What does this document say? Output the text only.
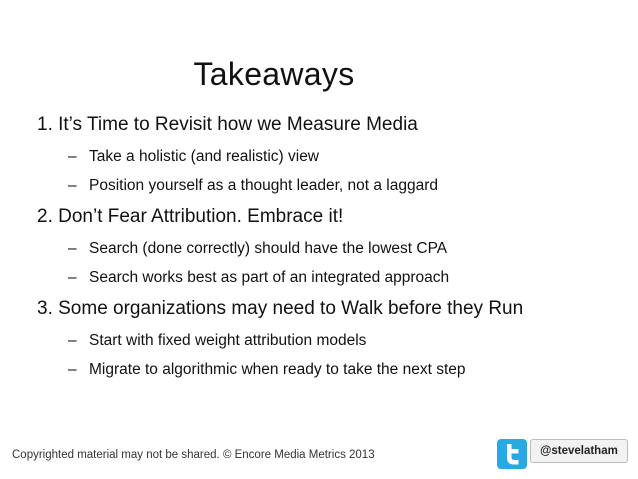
Takeaways
1. It’s Time to Revisit how we Measure Media
– Take a holistic (and realistic) view
– Position yourself as a thought leader, not a laggard
2. Don’t Fear Attribution. Embrace it!
– Search (done correctly) should have the lowest CPA
– Search works best as part of an integrated approach
3. Some organizations may need to Walk before they Run
– Start with fixed weight attribution models
– Migrate to algorithmic when ready to take the next step
Copyrighted material may not be shared. © Encore Media Metrics 2013	@stevelatham
